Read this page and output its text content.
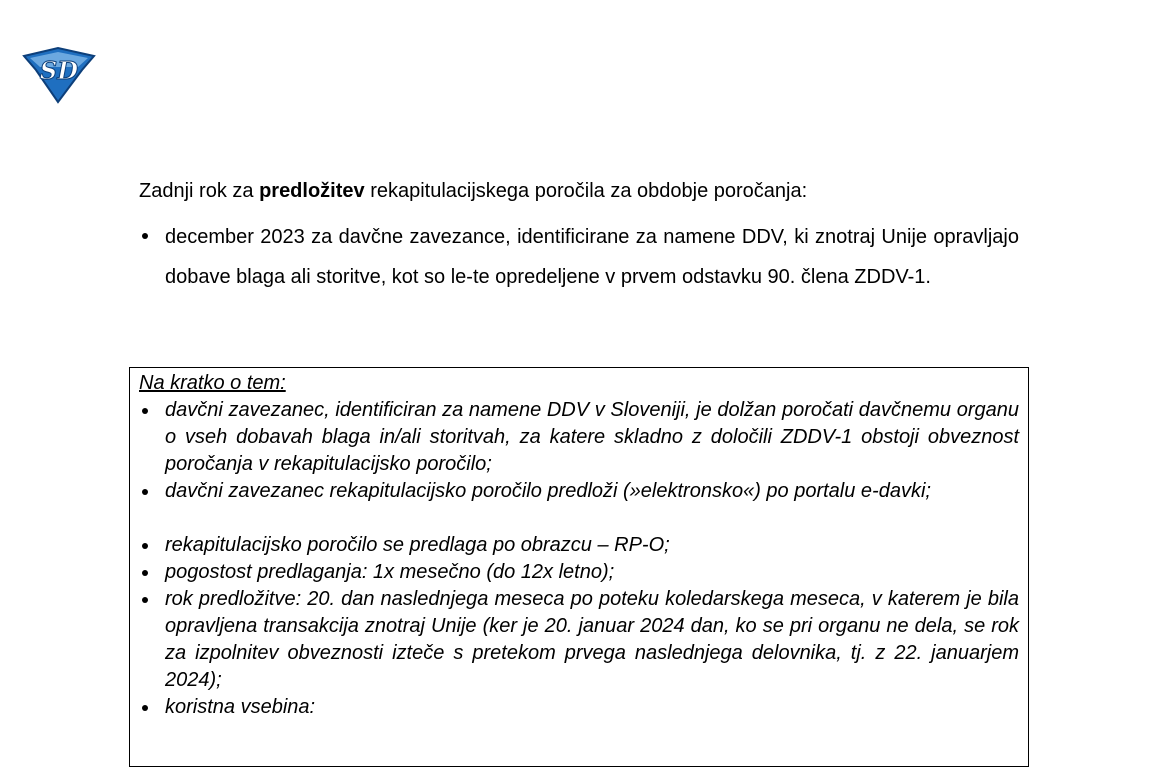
SD
Zadnji rok za predložitev rekapitulacijskega poročila za obdobje poročanja:
december 2023 za davčne zavezance, identificirane za namene DDV, ki znotraj Unije opravljajo dobave blaga ali storitve, kot so le-te opredeljene v prvem odstavku 90. člena ZDDV-1.
Na kratko o tem:
davčni zavezanec, identificiran za namene DDV v Sloveniji, je dolžan poročati davčnemu organu o vseh dobavah blaga in/ali storitvah, za katere skladno z določili ZDDV-1 obstoji obveznost poročanja v rekapitulacijsko poročilo;
davčni zavezanec rekapitulacijsko poročilo predloži (»elektronsko«) po portalu e-davki;
rekapitulacijsko poročilo se predlaga po obrazcu – RP-O;
pogostost predlaganja: 1x mesečno (do 12x letno);
rok predložitve: 20. dan naslednjega meseca po poteku koledarskega meseca, v katerem je bila opravljena transakcija znotraj Unije (ker je 20. januar 2024 dan, ko se pri organu ne dela, se rok za izpolnitev obveznosti izteče s pretekom prvega naslednjega delovnika, tj. z 22. januarjem 2024);
koristna vsebina:
